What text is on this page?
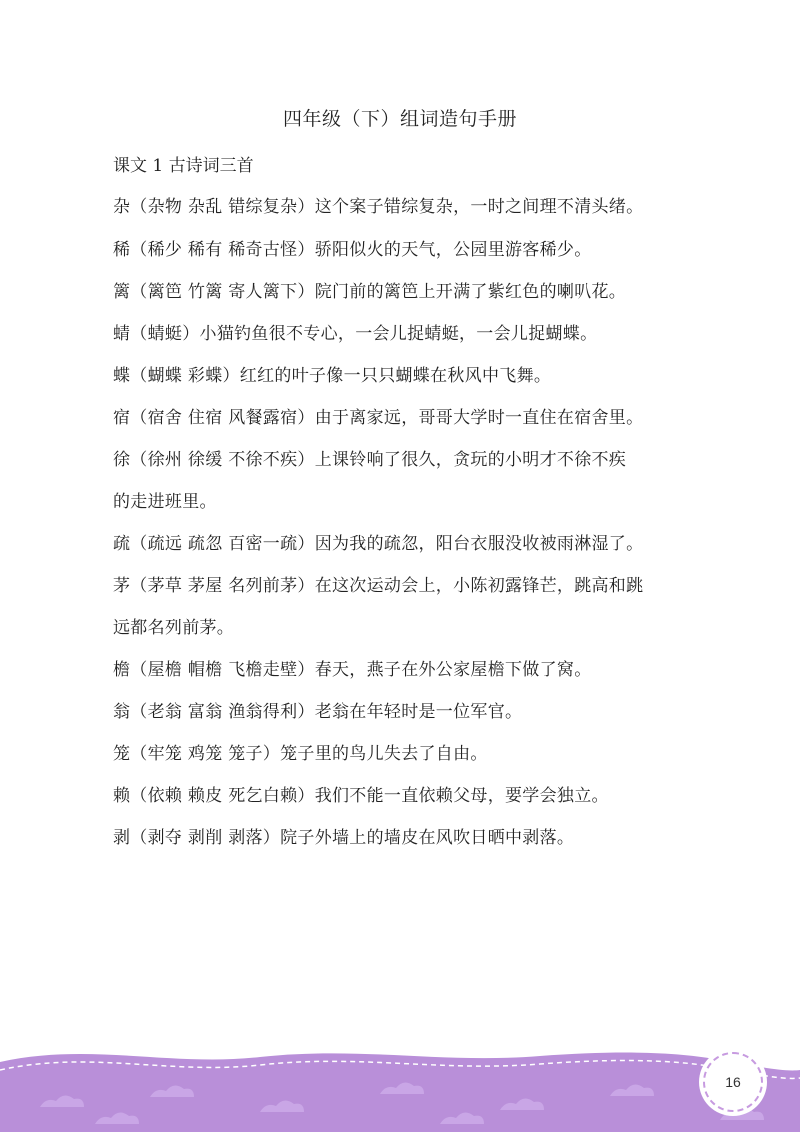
四年级（下）组词造句手册
课文 1 古诗词三首
杂（杂物 杂乱 错综复杂）这个案子错综复杂，一时之间理不清头绪。
稀（稀少 稀有 稀奇古怪）骄阳似火的天气，公园里游客稀少。
篱（篱笆 竹篱 寄人篱下）院门前的篱笆上开满了紫红色的喇叭花。
蜻（蜻蜓）小猫钓鱼很不专心，一会儿捉蜻蜓，一会儿捉蝴蝶。
蝶（蝴蝶 彩蝶）红红的叶子像一只只蝴蝶在秋风中飞舞。
宿（宿舍 住宿 风餐露宿）由于离家远，哥哥大学时一直住在宿舍里。
徐（徐州 徐缓 不徐不疾）上课铃响了很久，贪玩的小明才不徐不疾
的走进班里。
疏（疏远 疏忽 百密一疏）因为我的疏忽，阳台衣服没收被雨淋湿了。
茅（茅草 茅屋 名列前茅）在这次运动会上，小陈初露锋芒，跳高和跳
远都名列前茅。
檐（屋檐 帽檐 飞檐走壁）春天，燕子在外公家屋檐下做了窝。
翁（老翁 富翁 渔翁得利）老翁在年轻时是一位军官。
笼（牢笼 鸡笼 笼子）笼子里的鸟儿失去了自由。
赖（依赖 赖皮 死乞白赖）我们不能一直依赖父母，要学会独立。
剥（剥夺 剥削 剥落）院子外墙上的墙皮在风吹日晒中剥落。
16
